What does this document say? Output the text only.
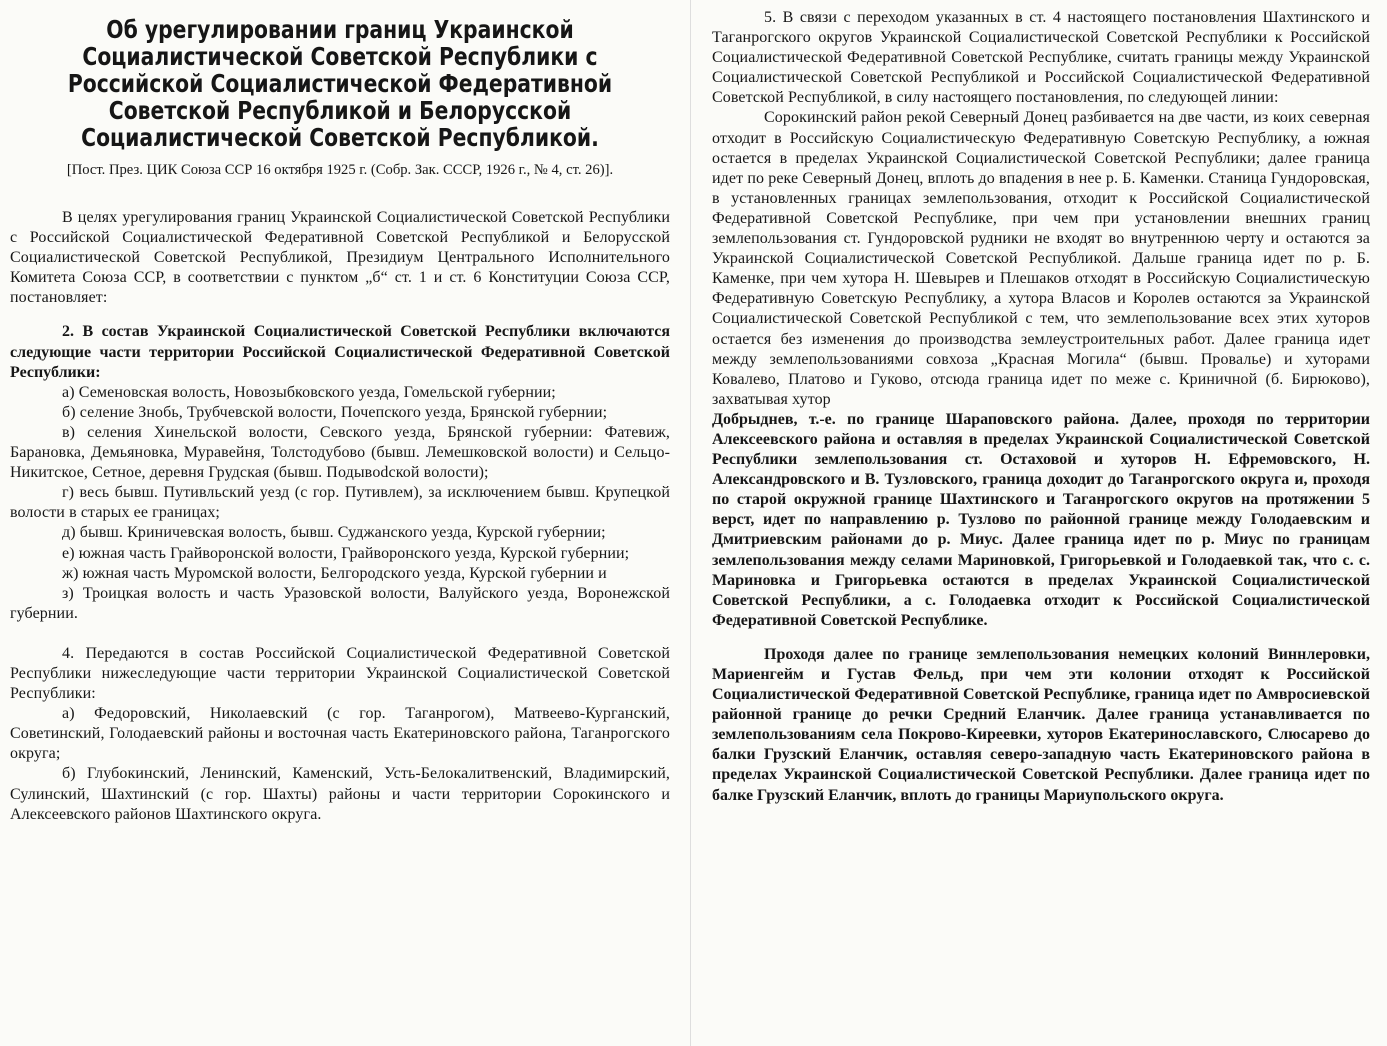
Об урегулировании границ Украинской Социалистической Советской Республики с Российской Социалистической Федеративной Советской Республикой и Белорусской Социалистической Советской Республикой.
[Пост. През. ЦИК Союза ССР 16 октября 1925 г. (Собр. Зак. СССР, 1926 г., № 4, ст. 26)].

В целях урегулирования границ Украинской Социалистической Советской Республики с Российской Социалистической Федеративной Советской Республикой и Белорусской Социалистической Советской Республикой, Президиум Центрального Исполнительного Комитета Союза ССР, в соответствии с пунктом „б“ ст. 1 и ст. 6 Конституции Союза ССР, постановляет:

2. В состав Украинской Социалистической Советской Республики включаются следующие части территории Российской Социалистической Федеративной Советской Республики:

а) Семеновская волость, Новозыбковского уезда, Гомельской губернии;

б) селение Знобь, Трубчевской волости, Почепского уезда, Брянской губернии;

в) селения Хинельской волости, Севского уезда, Брянской губернии: Фатевиж, Барановка, Демьяновка, Муравейня, Толстодубово (бывш. Лемешковской волости) и Сельцо-Никитское, Сетное, деревня Грудская (бывш. Подывodской волости);

г) весь бывш. Путивльский уезд (с гор. Путивлем), за исключением бывш. Крупецкой волости в старых ее границах;

д) бывш. Криничевская волость, бывш. Суджанского уезда, Курской губернии;

е) южная часть Грайворонской волости, Грайворонского уезда, Курской губернии;

ж) южная часть Муромской волости, Белгородского уезда, Курской губернии и

з) Троицкая волость и часть Уразовской волости, Валуйского уезда, Воронежской губернии.

4. Передаются в состав Российской Социалистической Федеративной Советской Республики нижеследующие части территории Украинской Социалистической Советской Республики:

а) Федоровский, Николаевский (с гор. Таганрогом), Матвеево-Курганский, Советинский, Голодаевский районы и восточная часть Екатериновского района, Таганрогского округа;

б) Глубокинский, Ленинский, Каменский, Усть-Белокалитвенский, Владимирский, Сулинский, Шахтинский (с гор. Шахты) районы и части территории Сорокинского и Алексеевского районов Шахтинского округа.

5. В связи с переходом указанных в ст. 4 настоящего постановления Шахтинского и Таганрогского округов Украинской Социалистической Советской Республики к Российской Социалистической Федеративной Советской Республике, считать границы между Украинской Социалистической Советской Республикой и Российской Социалистической Федеративной Советской Республикой, в силу настоящего постановления, по следующей линии:

Сорокинский район рекой Северный Донец разбивается на две части, из коих северная отходит в Российскую Социалистическую Федеративную Советскую Республику, а южная остается в пределах Украинской Социалистической Советской Республики; далее граница идет по реке Северный Донец, вплоть до впадения в нее р. Б. Каменки. Станица Гундоровская, в установленных границах землепользования, отходит к Российской Социалистической Федеративной Советской Республике, при чем при установлении внешних границ землепользования ст. Гундоровской рудники не входят во внутреннюю черту и остаются за Украинской Социалистической Советской Республикой. Дальше граница идет по р. Б. Каменке, при чем хутора Н. Шевырев и Плешаков отходят в Российскую Социалистическую Федеративную Советскую Республику, а хутора Власов и Королев остаются за Украинской Социалистической Советской Республикой с тем, что землепользование всех этих хуторов остается без изменения до производства землеустроительных работ. Далее граница идет между землепользованиями совхоза „Красная Могила“ (бывш. Провалье) и хуторами Ковалево, Платово и Гуково, отсюда граница идет по меже с. Криничной (б. Бирюково), захватывая хутор

Добрыднев, т.-е. по границе Шараповского района. Далее, проходя по территории Алексеевского района и оставляя в пределах Украинской Социалистической Советской Республики землепользования ст. Остаховой и хуторов Н. Ефремовского, Н. Александровского и В. Тузловского, граница доходит до Таганрогского округа и, проходя по старой окружной границе Шахтинского и Таганрогского округов на протяжении 5 верст, идет по направлению р. Тузлово по районной границе между Голодаевским и Дмитриевским районами до р. Миус. Далее граница идет по р. Миус по границам землепользования между селами Мариновкой, Григорьевкой и Голодаевкой так, что с. с. Мариновка и Григорьевка остаются в пределах Украинской Социалистической Советской Республики, а с. Голодаевка отходит к Российской Социалистической Федеративной Советской Республике.

Проходя далее по границе землепользования немецких колоний Виннлеровки, Мариенгейм и Густав Фельд, при чем эти колонии отходят к Российской Социалистической Федеративной Советской Республике, граница идет по Амвросиевской районной границе до речки Средний Еланчик. Далее граница устанавливается по землепользованиям села Покрово-Киреевки, хуторов Екатеринославского, Слюсарево до балки Грузский Еланчик, оставляя северо-западную часть Екатериновского района в пределах Украинской Социалистической Советской Республики. Далее граница идет по балке Грузский Еланчик, вплоть до границы Мариупольского округа.
